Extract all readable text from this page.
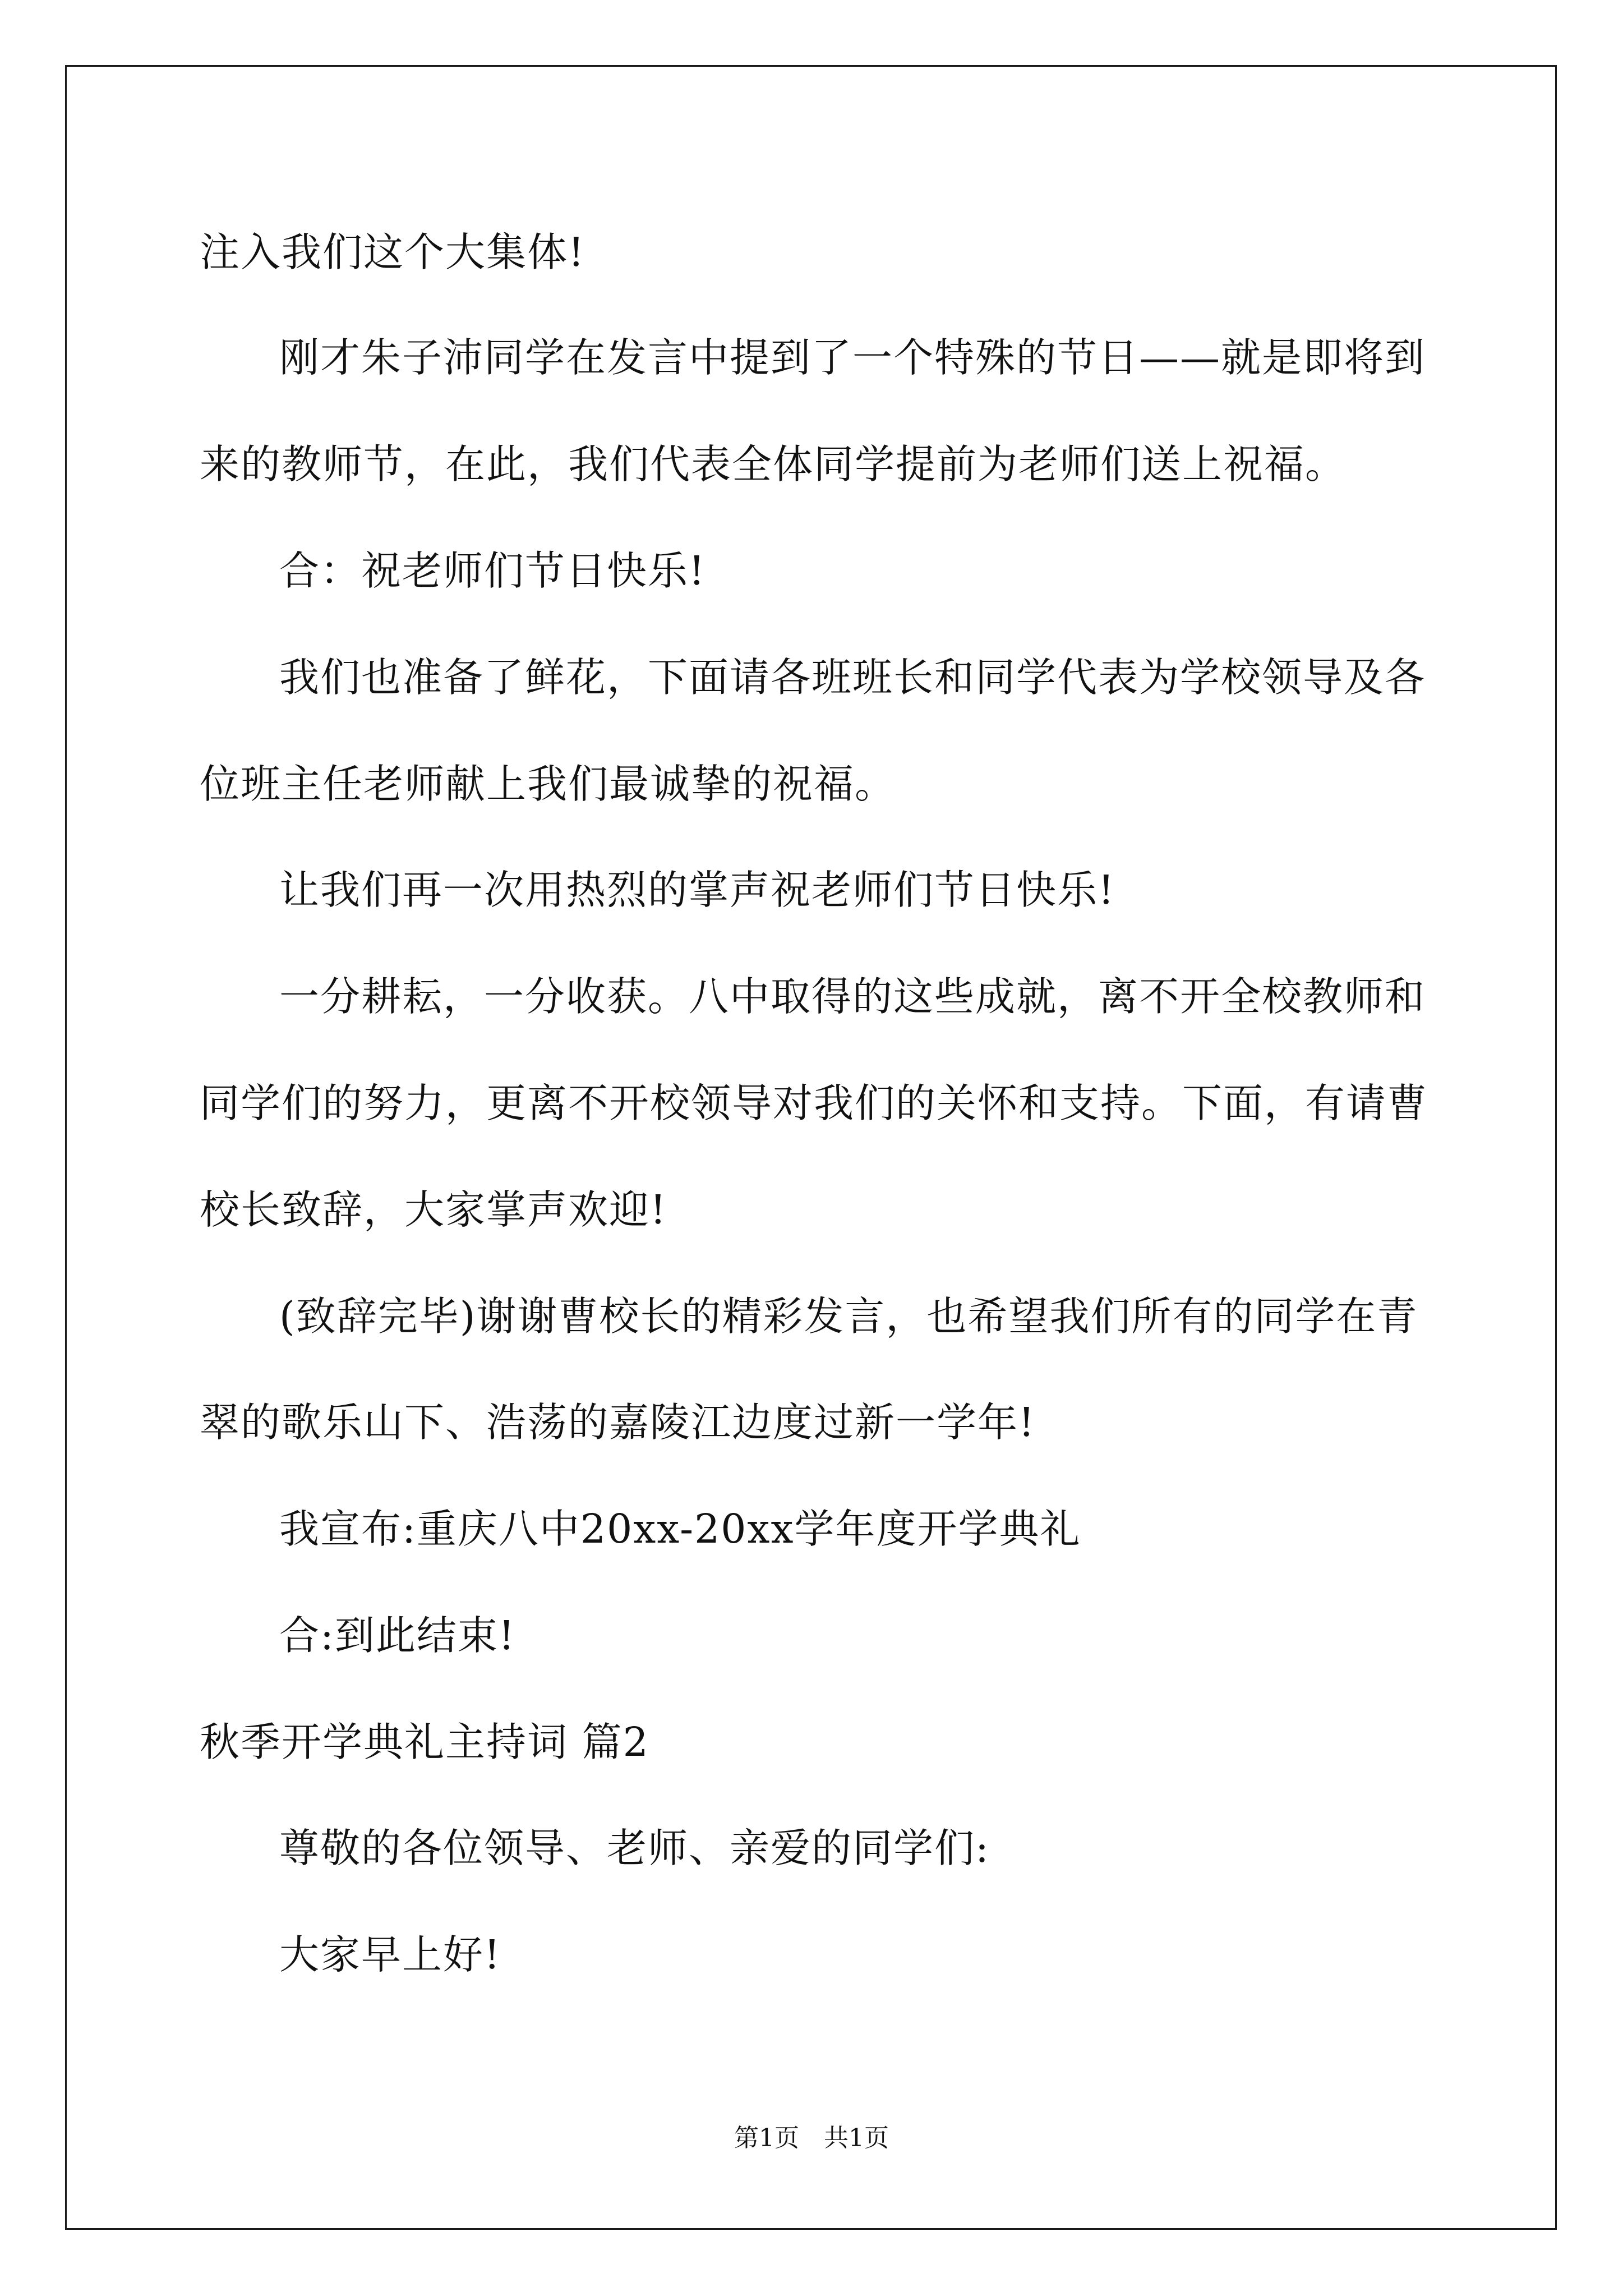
注入我们这个大集体!
刚才朱子沛同学在发言中提到了一个特殊的节日——就是即将到
来的教师节，在此，我们代表全体同学提前为老师们送上祝福。
合：祝老师们节日快乐!
我们也准备了鲜花，下面请各班班长和同学代表为学校领导及各
位班主任老师献上我们最诚挚的祝福。
让我们再一次用热烈的掌声祝老师们节日快乐!
一分耕耘，一分收获。八中取得的这些成就，离不开全校教师和
同学们的努力，更离不开校领导对我们的关怀和支持。下面，有请曹
校长致辞，大家掌声欢迎!
(致辞完毕)谢谢曹校长的精彩发言，也希望我们所有的同学在青
翠的歌乐山下、浩荡的嘉陵江边度过新一学年!
我宣布:重庆八中20xx-20xx学年度开学典礼
合:到此结束!
秋季开学典礼主持词 篇2
尊敬的各位领导、老师、亲爱的同学们:
大家早上好!
第1页　共1页
